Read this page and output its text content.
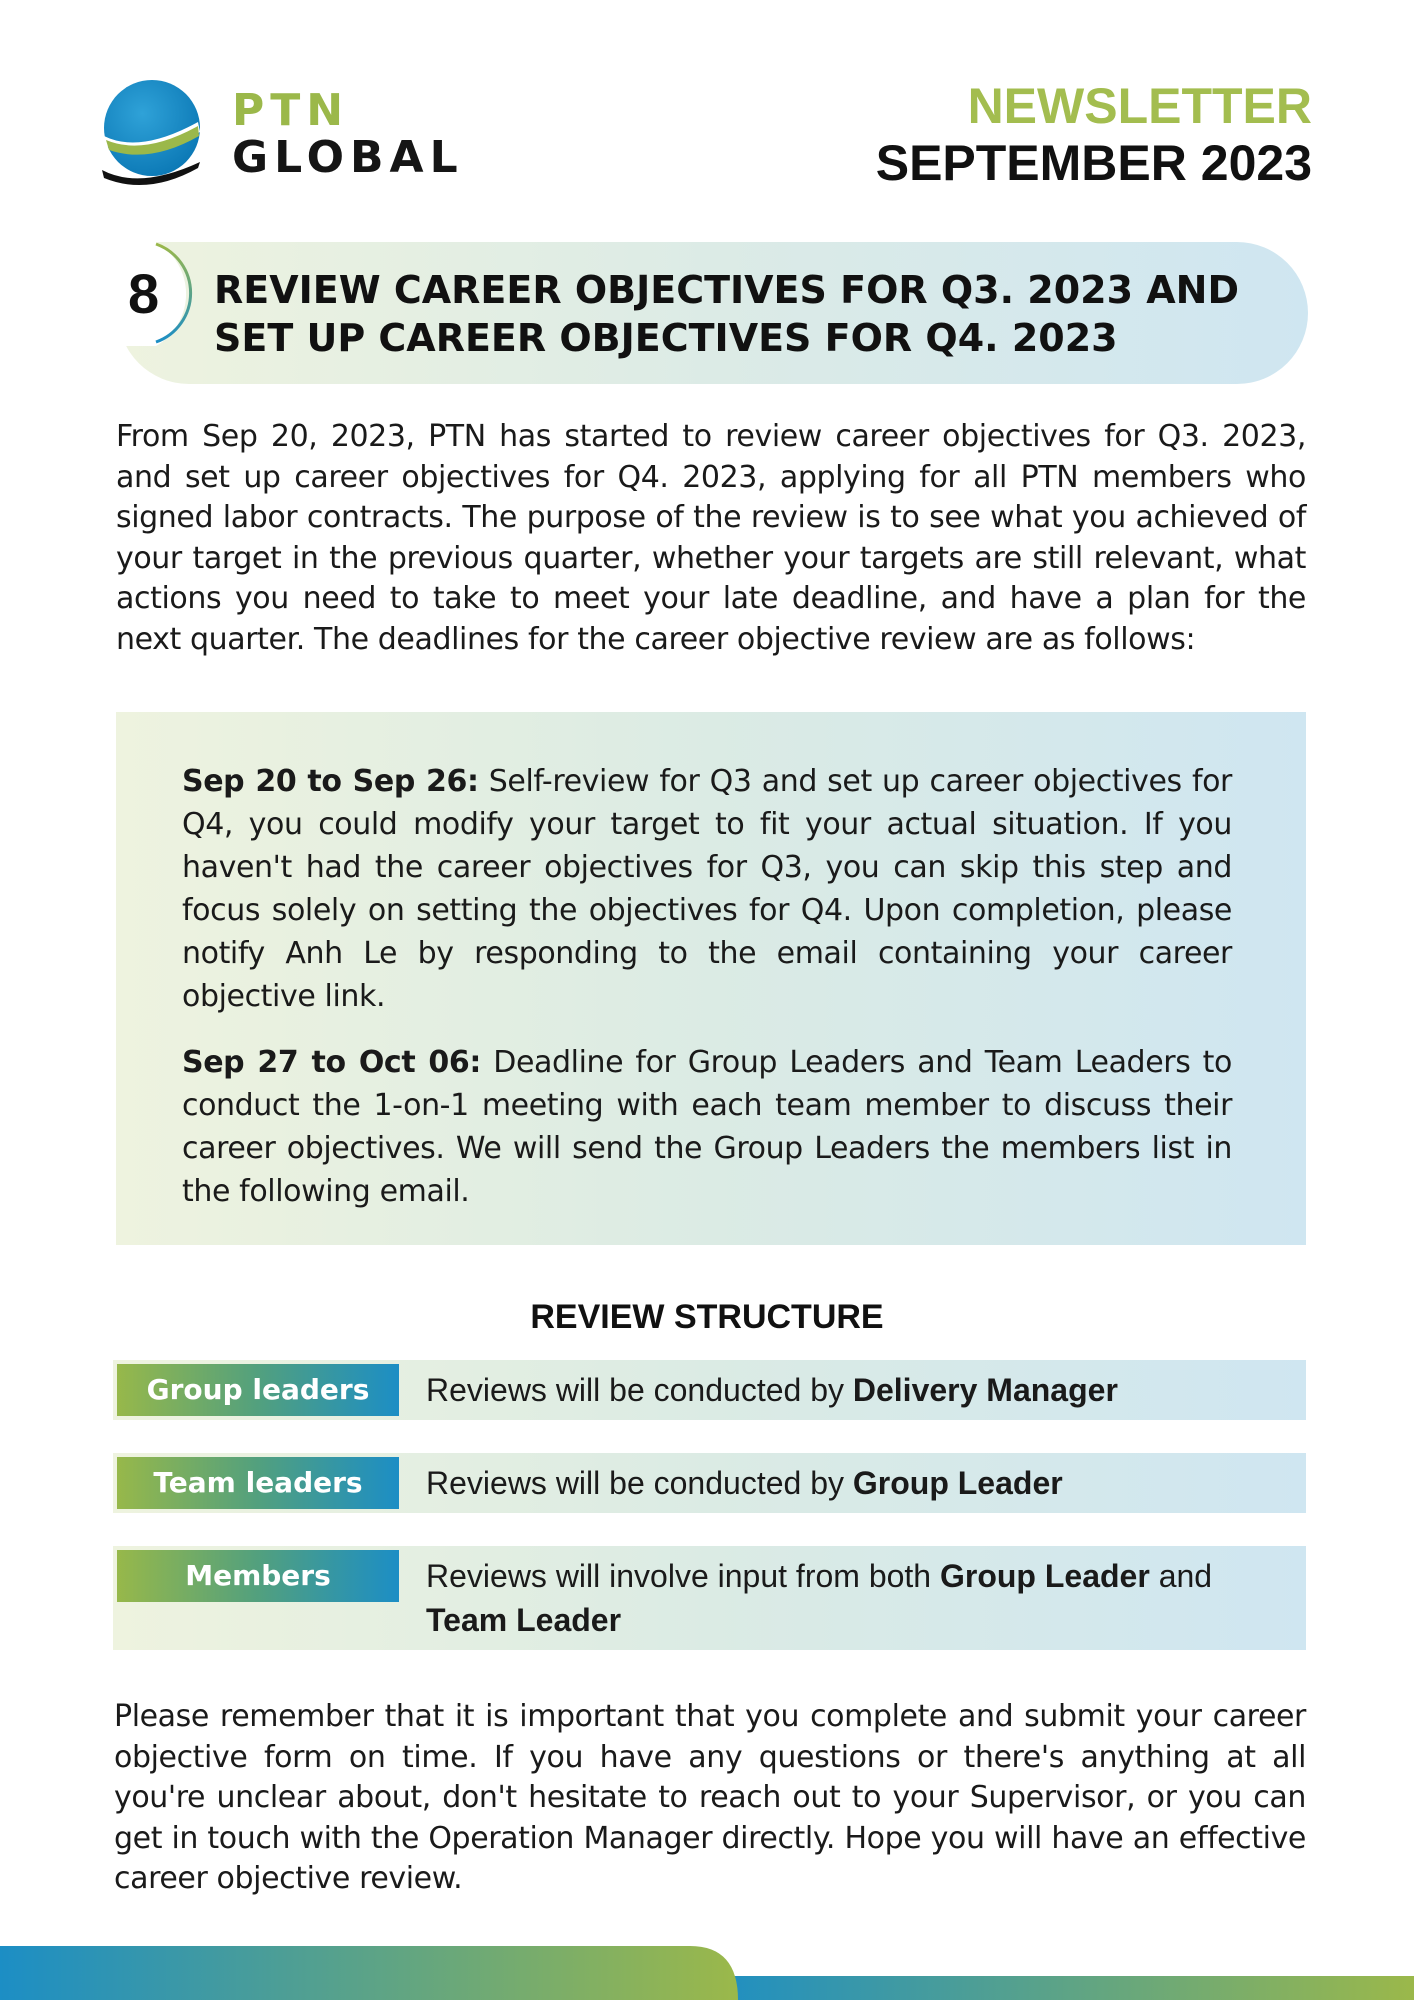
PTN
GLOBAL
NEWSLETTER
SEPTEMBER 2023
8 REVIEW CAREER OBJECTIVES FOR Q3. 2023 AND
SET UP CAREER OBJECTIVES FOR Q4. 2023
From Sep 20, 2023, PTN has started to review career objectives for Q3. 2023, and set up career objectives for Q4. 2023, applying for all PTN members who signed labor contracts. The purpose of the review is to see what you achieved of your target in the previous quarter, whether your targets are still relevant, what actions you need to take to meet your late deadline, and have a plan for the next quarter. The deadlines for the career objective review are as follows:
Sep 20 to Sep 26: Self-review for Q3 and set up career objectives for Q4, you could modify your target to fit your actual situation. If you haven't had the career objectives for Q3, you can skip this step and focus solely on setting the objectives for Q4. Upon completion, please notify Anh Le by responding to the email containing your career objective link.
Sep 27 to Oct 06: Deadline for Group Leaders and Team Leaders to conduct the 1-on-1 meeting with each team member to discuss their career objectives. We will send the Group Leaders the members list in the following email.
REVIEW STRUCTURE
Group leaders	Reviews will be conducted by Delivery Manager
Team leaders	Reviews will be conducted by Group Leader
Members	Reviews will involve input from both Group Leader and
Team Leader
Please remember that it is important that you complete and submit your career objective form on time. If you have any questions or there's anything at all you're unclear about, don't hesitate to reach out to your Supervisor, or you can get in touch with the Operation Manager directly. Hope you will have an effective career objective review.
